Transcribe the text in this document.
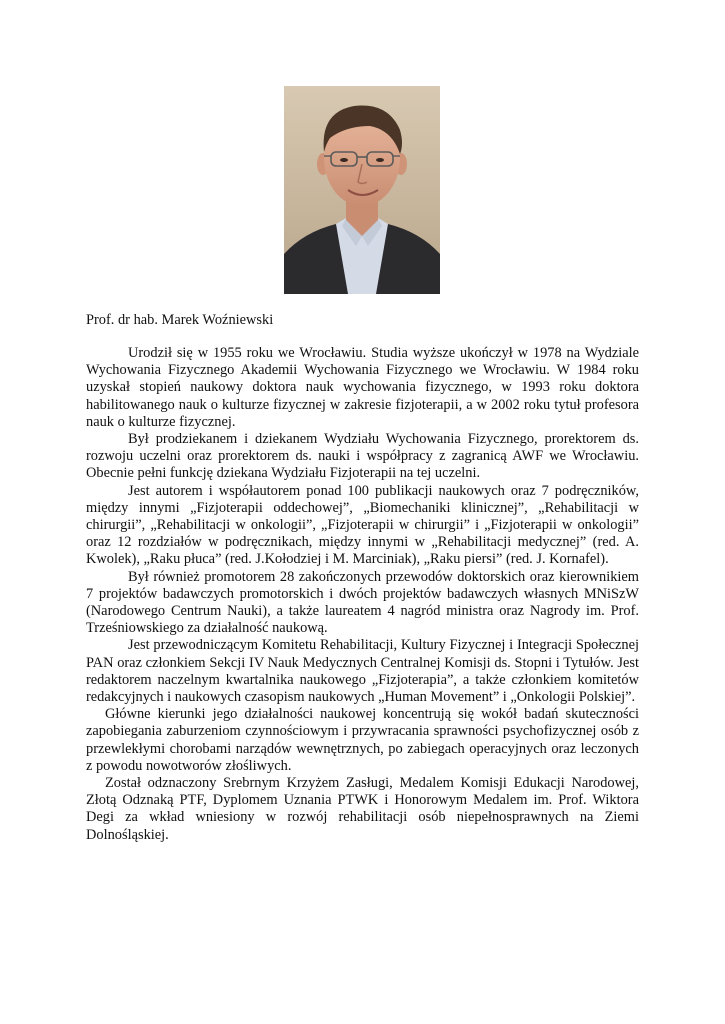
Prof. dr hab. Marek Woźniewski

Urodził się w 1955 roku we Wrocławiu. Studia wyższe ukończył w 1978 na Wydziale Wychowania Fizycznego Akademii Wychowania Fizycznego we Wrocławiu. W 1984 roku uzyskał stopień naukowy doktora nauk wychowania fizycznego, w 1993 roku doktora habilitowanego nauk o kulturze fizycznej w zakresie fizjoterapii, a w 2002 roku tytuł profesora nauk o kulturze fizycznej.

Był prodziekanem i dziekanem Wydziału Wychowania Fizycznego, prorektorem ds. rozwoju uczelni oraz prorektorem ds. nauki i współpracy z zagranicą AWF we Wrocławiu. Obecnie pełni funkcję dziekana Wydziału Fizjoterapii na tej uczelni.

Jest autorem i współautorem ponad 100 publikacji naukowych oraz 7 podręczników, między innymi „Fizjoterapii oddechowej”, „Biomechaniki klinicznej”, „Rehabilitacji w chirurgii”, „Rehabilitacji w onkologii”, „Fizjoterapii w chirurgii” i „Fizjoterapii w onkologii” oraz 12 rozdziałów w podręcznikach, między innymi w „Rehabilitacji medycznej” (red. A. Kwolek), „Raku płuca” (red. J.Kołodziej i M. Marciniak), „Raku piersi” (red. J. Kornafel).

Był również promotorem 28 zakończonych przewodów doktorskich oraz kierownikiem 7 projektów badawczych promotorskich i dwóch projektów badawczych własnych MNiSzW (Narodowego Centrum Nauki), a także laureatem 4 nagród ministra oraz Nagrody im. Prof. Trześniowskiego za działalność naukową.

Jest przewodniczącym Komitetu Rehabilitacji, Kultury Fizycznej i Integracji Społecznej PAN oraz członkiem Sekcji IV Nauk Medycznych Centralnej Komisji ds. Stopni i Tytułów. Jest redaktorem naczelnym kwartalnika naukowego „Fizjoterapia”, a także członkiem komitetów redakcyjnych i naukowych czasopism naukowych „Human Movement” i „Onkologii Polskiej”.

Główne kierunki jego działalności naukowej koncentrują się wokół badań skuteczności zapobiegania zaburzeniom czynnościowym i przywracania sprawności psychofizycznej osób z przewlekłymi chorobami narządów wewnętrznych, po zabiegach operacyjnych oraz leczonych z powodu nowotworów złośliwych.

Został odznaczony Srebrnym Krzyżem Zasługi, Medalem Komisji Edukacji Narodowej, Złotą Odznaką PTF, Dyplomem Uznania PTWK i Honorowym Medalem im. Prof. Wiktora Degi za wkład wniesiony w rozwój rehabilitacji osób niepełnosprawnych na Ziemi Dolnośląskiej.
